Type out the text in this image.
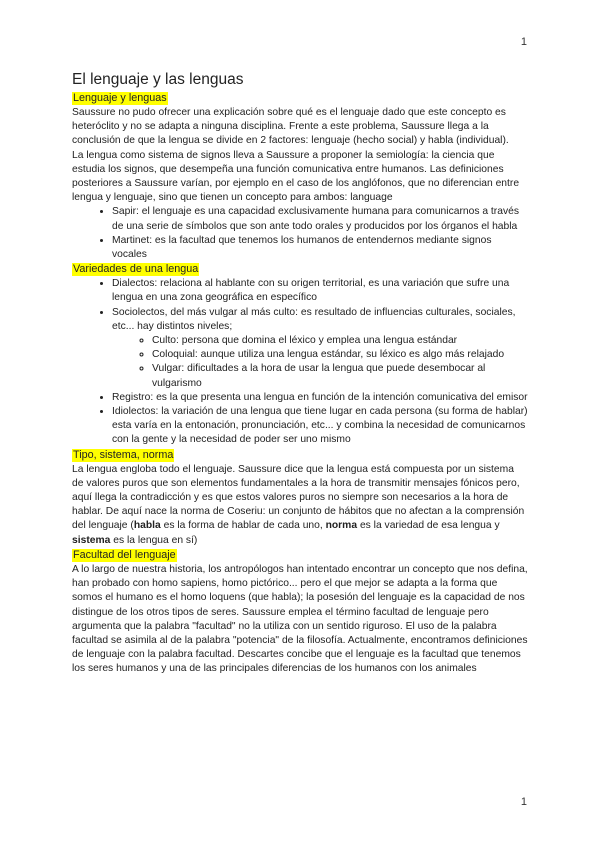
1
El lenguaje y las lenguas
Lenguaje y lenguas

Saussure no pudo ofrecer una explicación sobre qué es el lenguaje dado que este concepto es heteróclito y no se adapta a ninguna disciplina. Frente a este problema, Saussure llega a la conclusión de que la lengua se divide en 2 factores: lenguaje (hecho social) y habla (individual).

La lengua como sistema de signos lleva a Saussure a proponer la semiología: la ciencia que estudia los signos, que desempeña una función comunicativa entre humanos. Las definiciones posteriores a Saussure varían, por ejemplo en el caso de los anglófonos, que no diferencian entre lengua y lenguaje, sino que tienen un concepto para ambos: language

• Sapir: el lenguaje es una capacidad exclusivamente humana para comunicarnos a través de una serie de símbolos que son ante todo orales y producidos por los órganos el habla
• Martinet: es la facultad que tenemos los humanos de entendernos mediante signos vocales
Variedades de una lengua
• Dialectos: relaciona al hablante con su origen territorial, es una variación que sufre una lengua en una zona geográfica en específico
• Sociolectos, del más vulgar al más culto: es resultado de influencias culturales, sociales, etc... hay distintos niveles;
◦ Culto: persona que domina el léxico y emplea una lengua estándar
◦ Coloquial: aunque utiliza una lengua estándar, su léxico es algo más relajado
◦ Vulgar: dificultades a la hora de usar la lengua que puede desembocar al vulgarismo
• Registro: es la que presenta una lengua en función de la intención comunicativa del emisor
• Idiolectos: la variación de una lengua que tiene lugar en cada persona (su forma de hablar) esta varía en la entonación, pronunciación, etc... y combina la necesidad de comunicarnos con la gente y la necesidad de poder ser uno mismo
Tipo, sistema, norma

La lengua engloba todo el lenguaje. Saussure dice que la lengua está compuesta por un sistema de valores puros que son elementos fundamentales a la hora de transmitir mensajes fónicos pero, aquí llega la contradicción y es que estos valores puros no siempre son necesarios a la hora de hablar. De aquí nace la norma de Coseriu: un conjunto de hábitos que no afectan a la comprensión del lenguaje (habla es la forma de hablar de cada uno, norma es la variedad de esa lengua y sistema es la lengua en sí)

Facultad del lenguaje

A lo largo de nuestra historia, los antropólogos han intentado encontrar un concepto que nos defina, han probado con homo sapiens, homo pictórico... pero el que mejor se adapta a la forma que somos el humano es el homo loquens (que habla); la posesión del lenguaje es la capacidad de nos distingue de los otros tipos de seres. Saussure emplea el término facultad de lenguaje pero argumenta que la palabra "facultad" no la utiliza con un sentido riguroso. El uso de la palabra facultad se asimila al de la palabra "potencia" de la filosofía. Actualmente, encontramos definiciones de lenguaje con la palabra facultad. Descartes concibe que el lenguaje es la facultad que tenemos los seres humanos y una de las principales diferencias de los humanos con los animales

1
